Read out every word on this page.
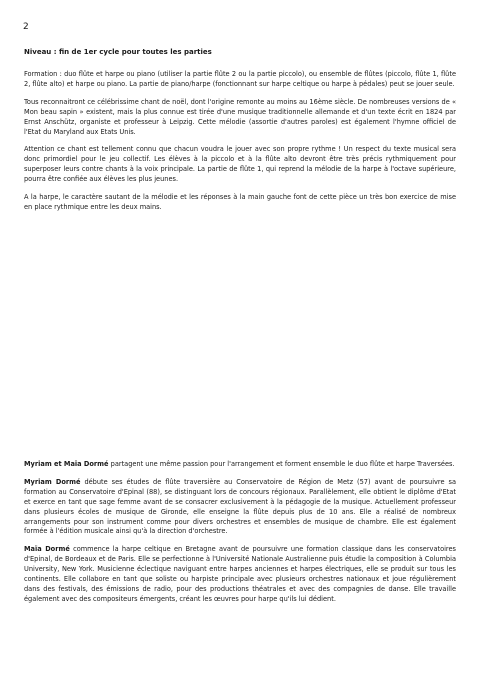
2
Niveau : fin de 1er cycle pour toutes les parties

Formation : duo flûte et harpe ou piano (utiliser la partie flûte 2 ou la partie piccolo), ou ensemble de flûtes (piccolo, flûte 1, flûte 2, flûte alto) et harpe ou piano. La partie de piano/harpe (fonctionnant sur harpe celtique ou harpe à pédales) peut se jouer seule.

Tous reconnaitront ce célébrissime chant de noël, dont l'origine remonte au moins au 16ème siècle. De nombreuses versions de « Mon beau sapin » existent, mais la plus connue est tirée d'une musique traditionnelle allemande et d'un texte écrit en 1824 par Ernst Anschütz, organiste et professeur à Leipzig. Cette mélodie (assortie d'autres paroles) est également l'hymne officiel de l'Etat du Maryland aux Etats Unis.

Attention ce chant est tellement connu que chacun voudra le jouer avec son propre rythme ! Un respect du texte musical sera donc primordiel pour le jeu collectif. Les élèves à la piccolo et à la flûte alto devront être très précis rythmiquement pour superposer leurs contre chants à la voix principale. La partie de flûte 1, qui reprend la mélodie de la harpe à l'octave supérieure, pourra être confiée aux élèves les plus jeunes.

A la harpe, le caractère sautant de la mélodie et les réponses à la main gauche font de cette pièce un très bon exercice de mise en place rythmique entre les deux mains.

Myriam et Maïa Dormé partagent une même passion pour l'arrangement et forment ensemble le duo flûte et harpe Traversées.

Myriam Dormé débute ses études de flûte traversière au Conservatoire de Région de Metz (57) avant de poursuivre sa formation au Conservatoire d'Epinal (88), se distinguant lors de concours régionaux. Parallèlement, elle obtient le diplôme d'Etat et exerce en tant que sage femme avant de se consacrer exclusivement à la pédagogie de la musique. Actuellement professeur dans plusieurs écoles de musique de Gironde, elle enseigne la flûte depuis plus de 10 ans. Elle a réalisé de nombreux arrangements pour son instrument comme pour divers orchestres et ensembles de musique de chambre. Elle est également formée à l'édition musicale ainsi qu'à la direction d'orchestre.

Maïa Dormé commence la harpe celtique en Bretagne avant de poursuivre une formation classique dans les conservatoires d'Epinal, de Bordeaux et de Paris. Elle se perfectionne à l'Université Nationale Australienne puis étudie la composition à Columbia University, New York. Musicienne éclectique naviguant entre harpes anciennes et harpes électriques, elle se produit sur tous les continents. Elle collabore en tant que soliste ou harpiste principale avec plusieurs orchestres nationaux et joue régulièrement dans des festivals, des émissions de radio, pour des productions théatrales et avec des compagnies de danse. Elle travaille également avec des compositeurs émergents, créant les œuvres pour harpe qu'ils lui dédient.
